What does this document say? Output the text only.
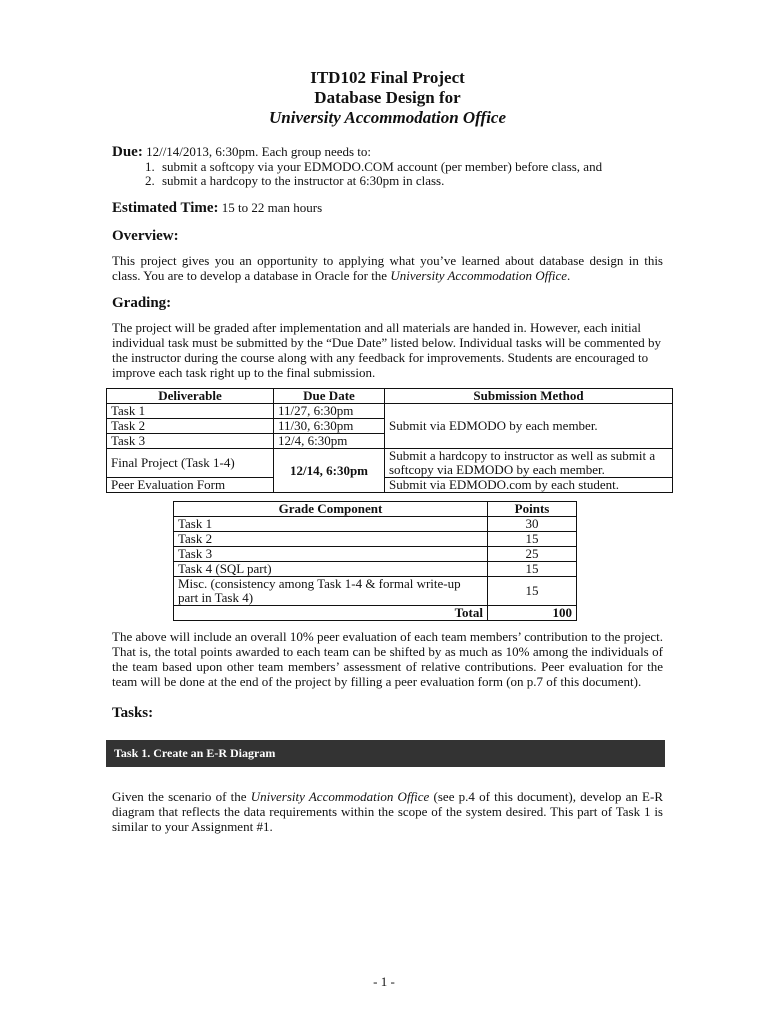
ITD102 Final Project
Database Design for
University Accommodation Office
Due: 12//14/2013, 6:30pm. Each group needs to:
1. submit a softcopy via your EDMODO.COM account (per member) before class, and
2. submit a hardcopy to the instructor at 6:30pm in class.
Estimated Time: 15 to 22 man hours
Overview:

This project gives you an opportunity to applying what you’ve learned about database design in this class. You are to develop a database in Oracle for the University Accommodation Office.

Grading:

The project will be graded after implementation and all materials are handed in. However, each initial individual task must be submitted by the “Due Date” listed below. Individual tasks will be commented by the instructor during the course along with any feedback for improvements. Students are encouraged to improve each task right up to the final submission.

Deliverable	Due Date	Submission Method
Task 1	11/27, 6:30pm	Submit via EDMODO by each member.
Task 2	11/30, 6:30pm	
Task 3	12/4, 6:30pm	
Final Project (Task 1-4)	12/14, 6:30pm	Submit a hardcopy to instructor as well as submit a softcopy via EDMODO by each member.
Peer Evaluation Form		Submit via EDMODO.com by each student.
Grade Component	Points
Task 1	30
Task 2	15
Task 3	25
Task 4 (SQL part)	15
Misc. (consistency among Task 1-4 & formal write-up part in Task 4)	15
Total	100

The above will include an overall 10% peer evaluation of each team members’ contribution to the project. That is, the total points awarded to each team can be shifted by as much as 10% among the individuals of the team based upon other team members’ assessment of relative contributions. Peer evaluation for the team will be done at the end of the project by filling a peer evaluation form (on p.7 of this document).

Tasks:
Task 1. Create an E-R Diagram

Given the scenario of the University Accommodation Office (see p.4 of this document), develop an E-R diagram that reflects the data requirements within the scope of the system desired. This part of Task 1 is similar to your Assignment #1.

- 1 -
